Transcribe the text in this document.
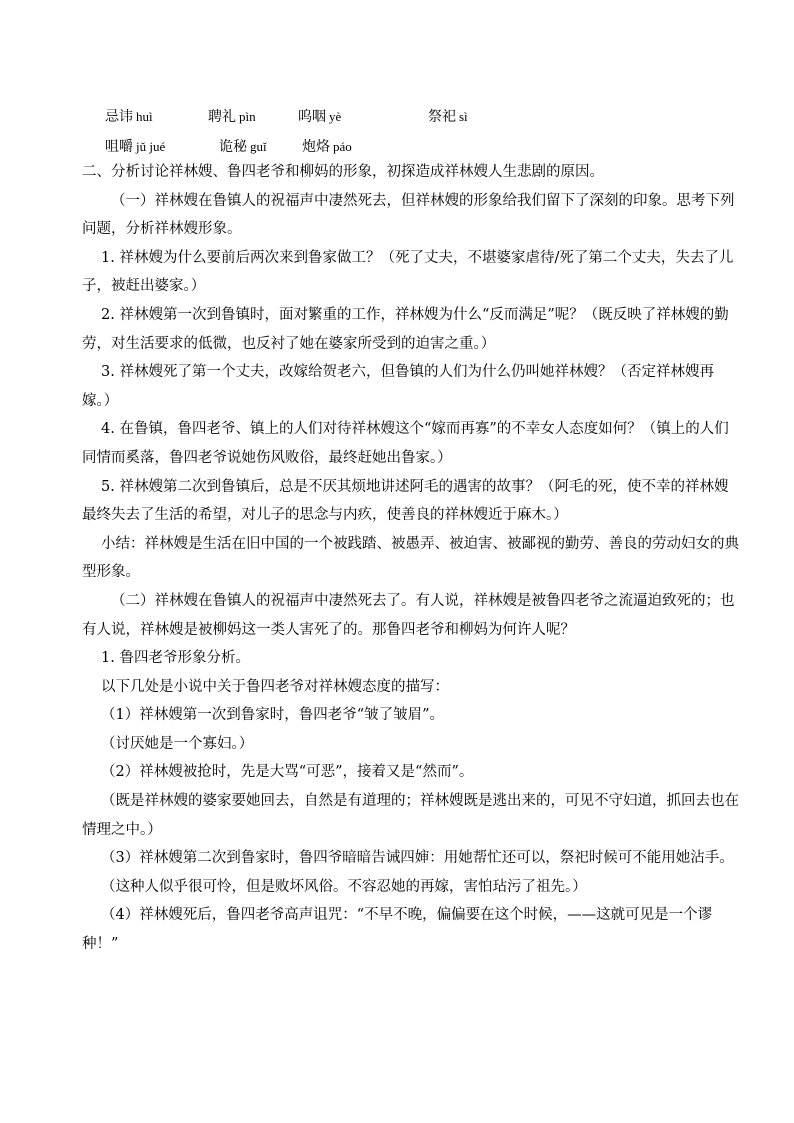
忌讳 huì	聘礼 pìn	呜咽 yè	祭祀 sì
咀嚼 jǔ jué	诡秘 guǐ	炮烙 páo

二、分析讨论祥林嫂、鲁四老爷和柳妈的形象，初探造成祥林嫂人生悲剧的原因。

（一）祥林嫂在鲁镇人的祝福声中凄然死去，但祥林嫂的形象给我们留下了深刻的印象。思考下列问题，分析祥林嫂形象。

1. 祥林嫂为什么要前后两次来到鲁家做工？（死了丈夫，不堪婆家虐待/死了第二个丈夫，失去了儿子，被赶出婆家。）

2. 祥林嫂第一次到鲁镇时，面对繁重的工作，祥林嫂为什么“反而满足”呢？（既反映了祥林嫂的勤劳，对生活要求的低微，也反衬了她在婆家所受到的迫害之重。）

3. 祥林嫂死了第一个丈夫，改嫁给贺老六，但鲁镇的人们为什么仍叫她祥林嫂？（否定祥林嫂再嫁。）

4. 在鲁镇，鲁四老爷、镇上的人们对待祥林嫂这个“嫁而再寡”的不幸女人态度如何？（镇上的人们同情而奚落，鲁四老爷说她伤风败俗，最终赶她出鲁家。）

5. 祥林嫂第二次到鲁镇后，总是不厌其烦地讲述阿毛的遇害的故事？（阿毛的死，使不幸的祥林嫂最终失去了生活的希望，对儿子的思念与内疚，使善良的祥林嫂近于麻木。）

小结：祥林嫂是生活在旧中国的一个被践踏、被愚弄、被迫害、被鄙视的勤劳、善良的劳动妇女的典型形象。

（二）祥林嫂在鲁镇人的祝福声中凄然死去了。有人说，祥林嫂是被鲁四老爷之流逼迫致死的；也有人说，祥林嫂是被柳妈这一类人害死了的。那鲁四老爷和柳妈为何许人呢？

1. 鲁四老爷形象分析。

以下几处是小说中关于鲁四老爷对祥林嫂态度的描写：

（1）祥林嫂第一次到鲁家时，鲁四老爷“皱了皱眉”。

（讨厌她是一个寡妇。）

（2）祥林嫂被抢时，先是大骂“可恶”，接着又是“然而”。

（既是祥林嫂的婆家要她回去，自然是有道理的；祥林嫂既是逃出来的，可见不守妇道，抓回去也在情理之中。）

（3）祥林嫂第二次到鲁家时，鲁四爷暗暗告诫四婶：用她帮忙还可以，祭祀时候可不能用她沾手。

（这种人似乎很可怜，但是败坏风俗。不容忍她的再嫁，害怕玷污了祖先。）

（4）祥林嫂死后，鲁四老爷高声诅咒：“不早不晚，偏偏要在这个时候，——这就可见是一个谬种！”
